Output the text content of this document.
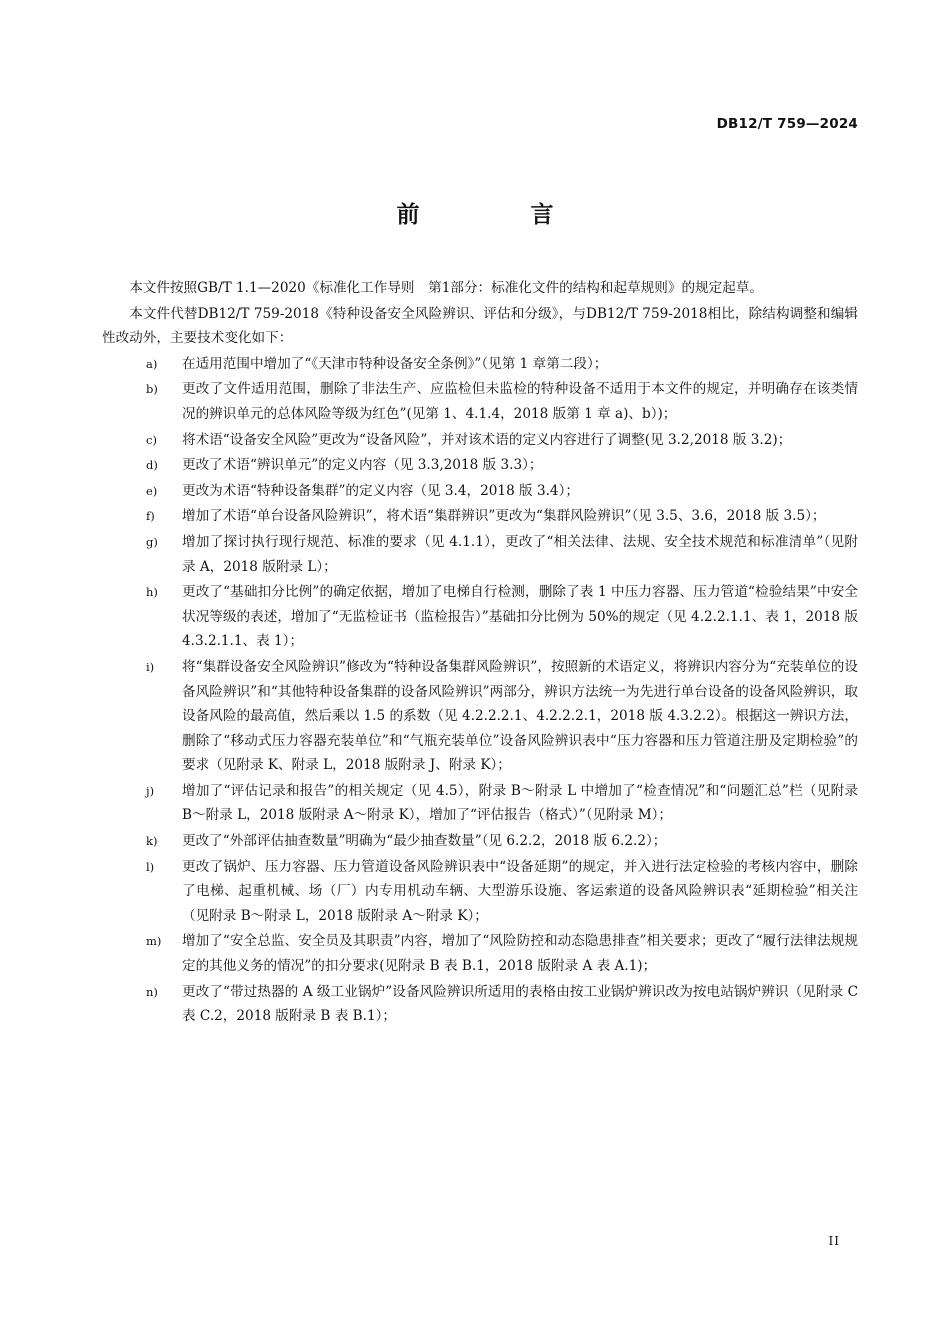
DB12/T 759—2024
前　言

本文件按照GB/T 1.1—2020《标准化工作导则　第1部分：标准化文件的结构和起草规则》的规定起草。

本文件代替DB12/T 759-2018《特种设备安全风险辨识、评估和分级》，与DB12/T 759-2018相比，除结构调整和编辑性改动外，主要技术变化如下：

a) 在适用范围中增加了“《天津市特种设备安全条例》”（见第 1 章第二段）；
b) 更改了文件适用范围，删除了非法生产、应监检但未监检的特种设备不适用于本文件的规定，并明确存在该类情况的辨识单元的总体风险等级为红色”(见第 1、4.1.4，2018 版第 1 章 a)、b）)；
c) 将术语“设备安全风险”更改为“设备风险”，并对该术语的定义内容进行了调整(见 3.2,2018 版 3.2)；
d) 更改了术语“辨识单元”的定义内容（见 3.3,2018 版 3.3）；
e) 更改为术语“特种设备集群”的定义内容（见 3.4，2018 版 3.4）；
f) 增加了术语“单台设备风险辨识”，将术语“集群辨识”更改为“集群风险辨识”（见 3.5、3.6，2018 版 3.5）；
g) 增加了探讨执行现行规范、标准的要求（见 4.1.1），更改了“相关法律、法规、安全技术规范和标准清单”（见附录 A，2018 版附录 L）；
h) 更改了“基础扣分比例”的确定依据，增加了电梯自行检测，删除了表 1 中压力容器、压力管道“检验结果”中安全状况等级的表述，增加了“无监检证书（监检报告）”基础扣分比例为 50%的规定（见 4.2.2.1.1、表 1，2018 版 4.3.2.1.1、表 1）；
i) 将“集群设备安全风险辨识”修改为“特种设备集群风险辨识”，按照新的术语定义，将辨识内容分为“充装单位的设备风险辨识”和“其他特种设备集群的设备风险辨识”两部分，辨识方法统一为先进行单台设备的设备风险辨识，取设备风险的最高值，然后乘以 1.5 的系数（见 4.2.2.2.1、4.2.2.2.1，2018 版 4.3.2.2）。根据这一辨识方法，删除了“移动式压力容器充装单位”和“气瓶充装单位”设备风险辨识表中“压力容器和压力管道注册及定期检验”的要求（见附录 K、附录 L，2018 版附录 J、附录 K）；
j) 增加了“评估记录和报告”的相关规定（见 4.5），附录 B～附录 L 中增加了“检查情况”和“问题汇总”栏（见附录 B～附录 L，2018 版附录 A～附录 K），增加了“评估报告（格式）”（见附录 M）；
k) 更改了“外部评估抽查数量”明确为“最少抽查数量”（见 6.2.2，2018 版 6.2.2）；
l) 更改了锅炉、压力容器、压力管道设备风险辨识表中“设备延期”的规定，并入进行法定检验的考核内容中，删除了电梯、起重机械、场（厂）内专用机动车辆、大型游乐设施、客运索道的设备风险辨识表“延期检验”相关注（见附录 B～附录 L，2018 版附录 A～附录 K）；
m) 增加了“安全总监、安全员及其职责”内容，增加了“风险防控和动态隐患排查”相关要求；更改了“履行法律法规规定的其他义务的情况”的扣分要求(见附录 B 表 B.1，2018 版附录 A 表 A.1)；
n) 更改了“带过热器的 A 级工业锅炉”设备风险辨识所适用的表格由按工业锅炉辨识改为按电站锅炉辨识（见附录 C 表 C.2，2018 版附录 B 表 B.1）；
II
